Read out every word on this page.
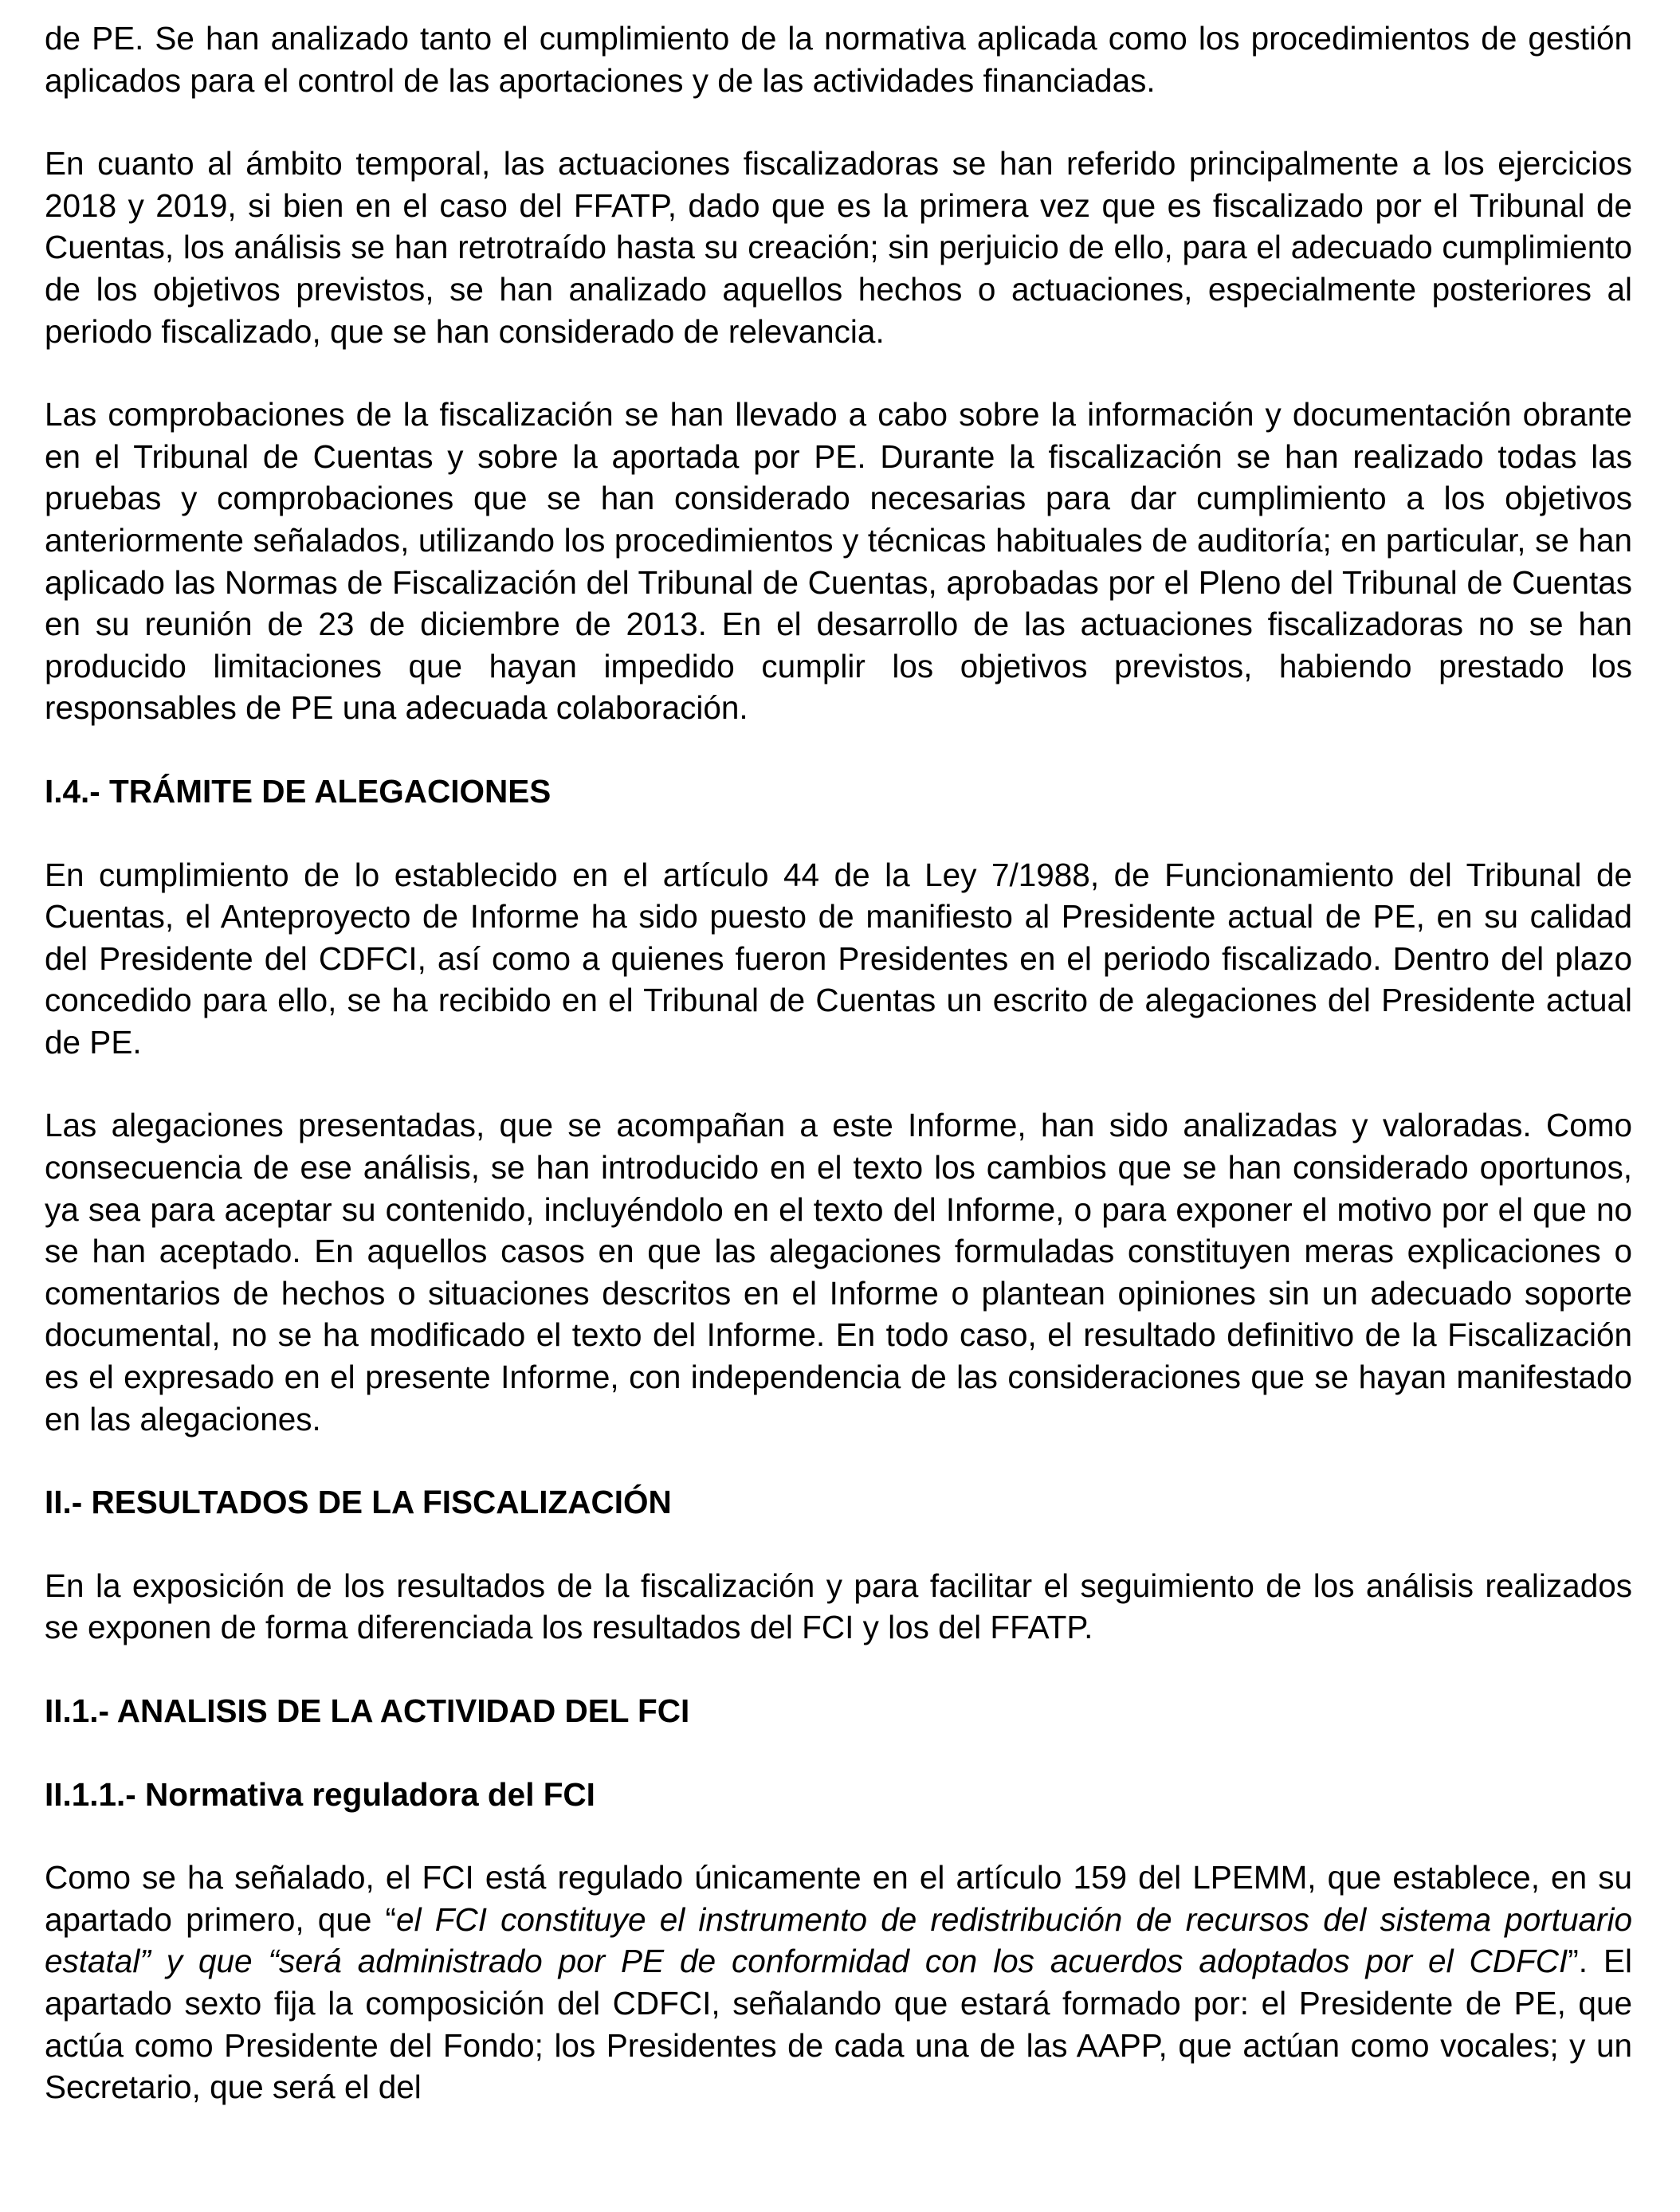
de PE. Se han analizado tanto el cumplimiento de la normativa aplicada como los procedimientos de gestión aplicados para el control de las aportaciones y de las actividades financiadas.

En cuanto al ámbito temporal, las actuaciones fiscalizadoras se han referido principalmente a los ejercicios 2018 y 2019, si bien en el caso del FFATP, dado que es la primera vez que es fiscalizado por el Tribunal de Cuentas, los análisis se han retrotraído hasta su creación; sin perjuicio de ello, para el adecuado cumplimiento de los objetivos previstos, se han analizado aquellos hechos o actuaciones, especialmente posteriores al periodo fiscalizado, que se han considerado de relevancia.

Las comprobaciones de la fiscalización se han llevado a cabo sobre la información y documentación obrante en el Tribunal de Cuentas y sobre la aportada por PE. Durante la fiscalización se han realizado todas las pruebas y comprobaciones que se han considerado necesarias para dar cumplimiento a los objetivos anteriormente señalados, utilizando los procedimientos y técnicas habituales de auditoría; en particular, se han aplicado las Normas de Fiscalización del Tribunal de Cuentas, aprobadas por el Pleno del Tribunal de Cuentas en su reunión de 23 de diciembre de 2013. En el desarrollo de las actuaciones fiscalizadoras no se han producido limitaciones que hayan impedido cumplir los objetivos previstos, habiendo prestado los responsables de PE una adecuada colaboración.

I.4.- TRÁMITE DE ALEGACIONES

En cumplimiento de lo establecido en el artículo 44 de la Ley 7/1988, de Funcionamiento del Tribunal de Cuentas, el Anteproyecto de Informe ha sido puesto de manifiesto al Presidente actual de PE, en su calidad del Presidente del CDFCI, así como a quienes fueron Presidentes en el periodo fiscalizado. Dentro del plazo concedido para ello, se ha recibido en el Tribunal de Cuentas un escrito de alegaciones del Presidente actual de PE.

Las alegaciones presentadas, que se acompañan a este Informe, han sido analizadas y valoradas. Como consecuencia de ese análisis, se han introducido en el texto los cambios que se han considerado oportunos, ya sea para aceptar su contenido, incluyéndolo en el texto del Informe, o para exponer el motivo por el que no se han aceptado. En aquellos casos en que las alegaciones formuladas constituyen meras explicaciones o comentarios de hechos o situaciones descritos en el Informe o plantean opiniones sin un adecuado soporte documental, no se ha modificado el texto del Informe. En todo caso, el resultado definitivo de la Fiscalización es el expresado en el presente Informe, con independencia de las consideraciones que se hayan manifestado en las alegaciones.

II.- RESULTADOS DE LA FISCALIZACIÓN

En la exposición de los resultados de la fiscalización y para facilitar el seguimiento de los análisis realizados se exponen de forma diferenciada los resultados del FCI y los del FFATP.

II.1.- ANALISIS DE LA ACTIVIDAD DEL FCI
II.1.1.- Normativa reguladora del FCI

Como se ha señalado, el FCI está regulado únicamente en el artículo 159 del LPEMM, que establece, en su apartado primero, que “el FCI constituye el instrumento de redistribución de recursos del sistema portuario estatal” y que “será administrado por PE de conformidad con los acuerdos adoptados por el CDFCI”. El apartado sexto fija la composición del CDFCI, señalando que estará formado por: el Presidente de PE, que actúa como Presidente del Fondo; los Presidentes de cada una de las AAPP, que actúan como vocales; y un Secretario, que será el del
